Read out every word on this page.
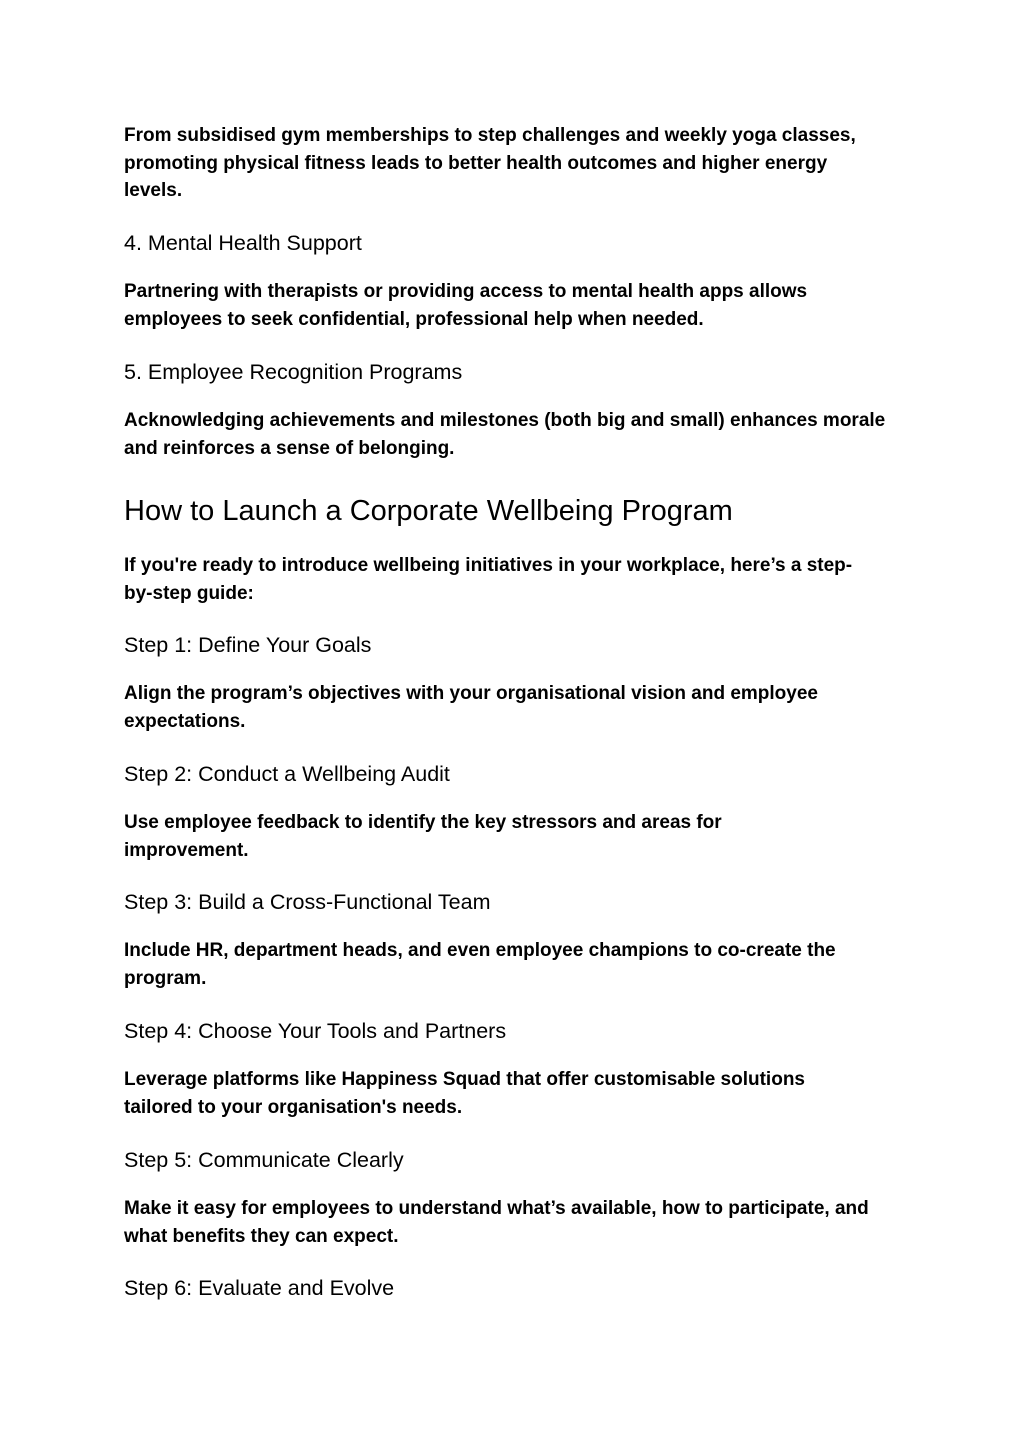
From subsidised gym memberships to step challenges and weekly yoga classes, promoting physical fitness leads to better health outcomes and higher energy levels.

4. Mental Health Support

Partnering with therapists or providing access to mental health apps allows employees to seek confidential, professional help when needed.

5. Employee Recognition Programs

Acknowledging achievements and milestones (both big and small) enhances morale and reinforces a sense of belonging.

How to Launch a Corporate Wellbeing Program

If you're ready to introduce wellbeing initiatives in your workplace, here’s a step-by-step guide:

Step 1: Define Your Goals

Align the program’s objectives with your organisational vision and employee expectations.

Step 2: Conduct a Wellbeing Audit

Use employee feedback to identify the key stressors and areas for improvement.

Step 3: Build a Cross-Functional Team

Include HR, department heads, and even employee champions to co-create the program.

Step 4: Choose Your Tools and Partners

Leverage platforms like Happiness Squad that offer customisable solutions tailored to your organisation's needs.

Step 5: Communicate Clearly

Make it easy for employees to understand what’s available, how to participate, and what benefits they can expect.

Step 6: Evaluate and Evolve
